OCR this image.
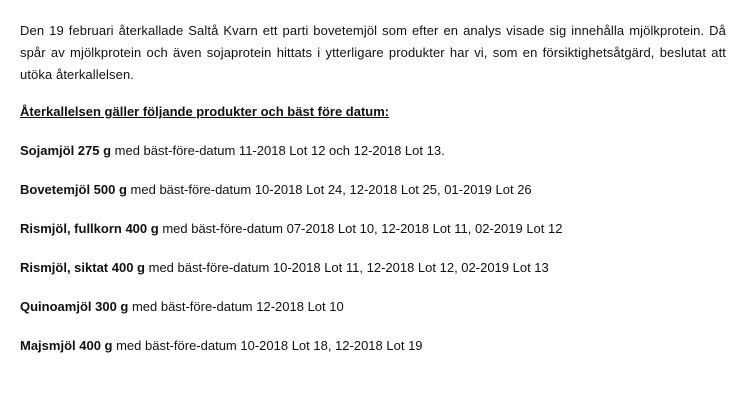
Den 19 februari återkallade Saltå Kvarn ett parti bovetemjöl som efter en analys visade sig innehålla mjölkprotein. Då spår av mjölkprotein och även sojaprotein hittats i ytterligare produkter har vi, som en försiktighetsåtgärd, beslutat att utöka återkallelsen.

Återkallelsen gäller följande produkter och bäst före datum:

Sojamjöl 275 g med bäst-före-datum 11-2018 Lot 12 och 12-2018 Lot 13.
Bovetemjöl 500 g med bäst-före-datum 10-2018 Lot 24, 12-2018 Lot 25, 01-2019 Lot 26
Rismjöl, fullkorn 400 g med bäst-före-datum 07-2018 Lot 10, 12-2018 Lot 11, 02-2019 Lot 12
Rismjöl, siktat 400 g med bäst-före-datum 10-2018 Lot 11, 12-2018 Lot 12, 02-2019 Lot 13
Quinoamjöl 300 g med bäst-före-datum 12-2018 Lot 10
Majsmjöl 400 g med bäst-före-datum 10-2018 Lot 18, 12-2018 Lot 19
